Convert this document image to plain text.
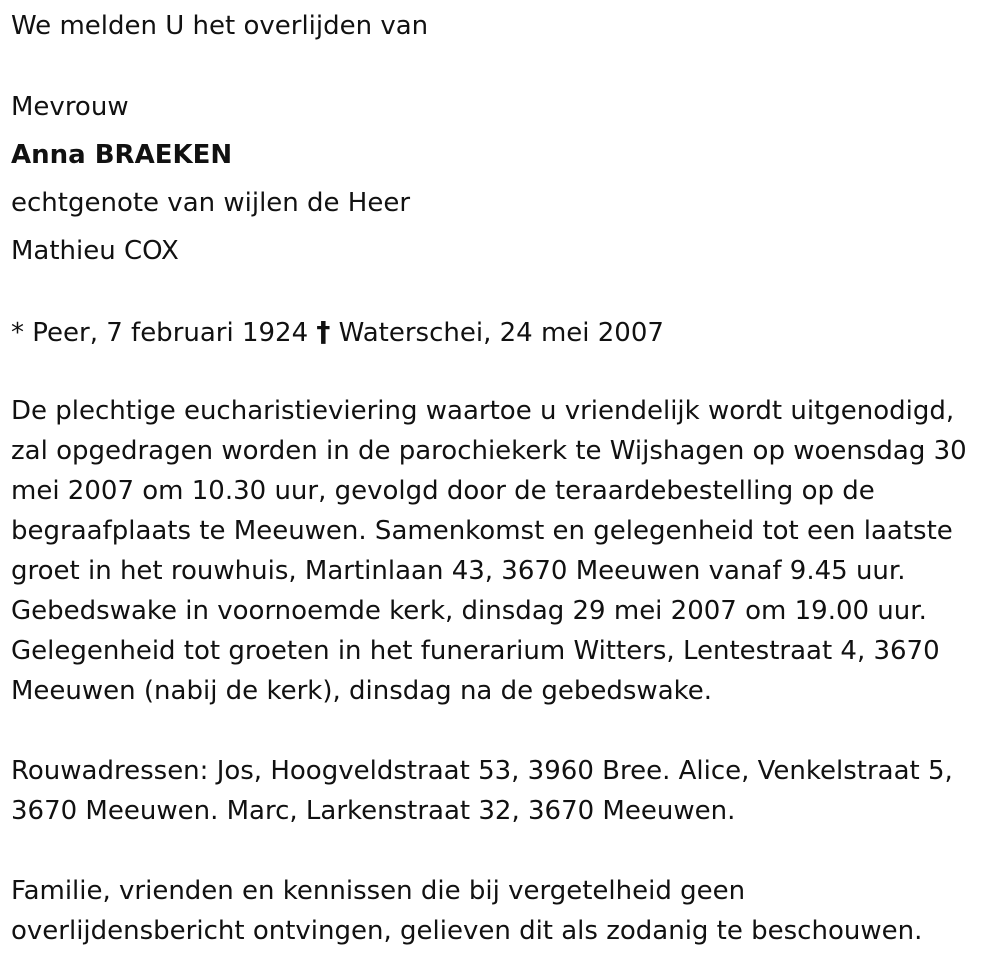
We melden U het overlijden van

Mevrouw

Anna BRAEKEN

echtgenote van wijlen de Heer

Mathieu COX

* Peer, 7 februari 1924 † Waterschei, 24 mei 2007

De plechtige eucharistieviering waartoe u vriendelijk wordt uitgenodigd,
zal opgedragen worden in de parochiekerk te Wijshagen op woensdag 30
mei 2007 om 10.30 uur, gevolgd door de teraardebestelling op de
begraafplaats te Meeuwen. Samenkomst en gelegenheid tot een laatste
groet in het rouwhuis, Martinlaan 43, 3670 Meeuwen vanaf 9.45 uur.
Gebedswake in voornoemde kerk, dinsdag 29 mei 2007 om 19.00 uur.
Gelegenheid tot groeten in het funerarium Witters, Lentestraat 4, 3670
Meeuwen (nabij de kerk), dinsdag na de gebedswake.
Rouwadressen: Jos, Hoogveldstraat 53, 3960 Bree. Alice, Venkelstraat 5,
3670 Meeuwen. Marc, Larkenstraat 32, 3670 Meeuwen.
Familie, vrienden en kennissen die bij vergetelheid geen
overlijdensbericht ontvingen, gelieven dit als zodanig te beschouwen.
